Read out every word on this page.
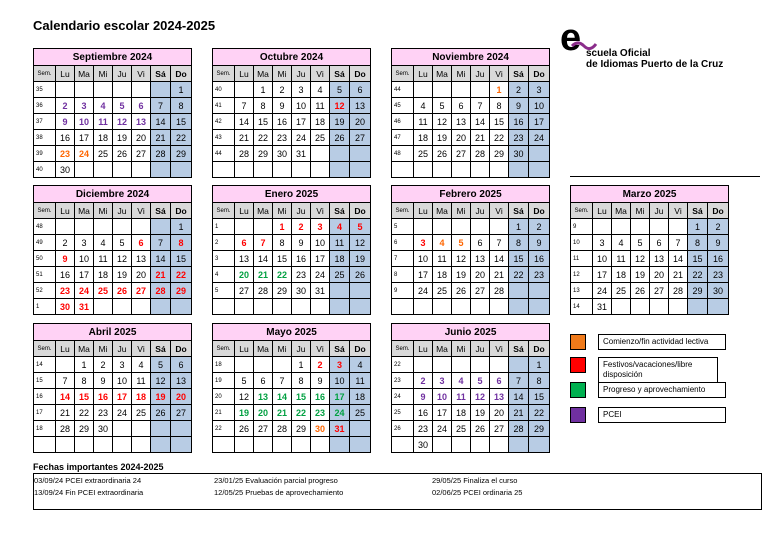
Calendario escolar 2024-2025	e scuela Oficial
de Idiomas Puerto de la Cruz
Septiembre 2024							
Sem.	Lu	Ma	Mi	Ju	Vi	Sá	Do
35							1
36	2	3	4	5	6	7	8
37	9	10	11	12	13	14	15
38	16	17	18	19	20	21	22
39	23	24	25	26	27	28	29
40	30						
Octubre 2024							
Sem.	Lu	Ma	Mi	Ju	Vi	Sá	Do
40		1	2	3	4	5	6
41	7	8	9	10	11	12	13
42	14	15	16	17	18	19	20
43	21	22	23	24	25	26	27
44	28	29	30	31			

Noviembre 2024							
Sem.	Lu	Ma	Mi	Ju	Vi	Sá	Do
44					1	2	3
45	4	5	6	7	8	9	10
46	11	12	13	14	15	16	17
47	18	19	20	21	22	23	24
48	25	26	27	28	29	30	

Diciembre 2024							
Sem.	Lu	Ma	Mi	Ju	Vi	Sá	Do
48							1
49	2	3	4	5	6	7	8
50	9	10	11	12	13	14	15
51	16	17	18	19	20	21	22
52	23	24	25	26	27	28	29
1	30	31					
Enero 2025							
Sem.	Lu	Ma	Mi	Ju	Vi	Sá	Do
1			1	2	3	4	5
2	6	7	8	9	10	11	12
3	13	14	15	16	17	18	19
4	20	21	22	23	24	25	26
5	27	28	29	30	31		

Febrero 2025							
Sem.	Lu	Ma	Mi	Ju	Vi	Sá	Do
5						1	2
6	3	4	5	6	7	8	9
7	10	11	12	13	14	15	16
8	17	18	19	20	21	22	23
9	24	25	26	27	28		

Marzo 2025							
Sem.	Lu	Ma	Mi	Ju	Vi	Sá	Do
9						1	2
10	3	4	5	6	7	8	9
11	10	11	12	13	14	15	16
12	17	18	19	20	21	22	23
13	24	25	26	27	28	29	30
14	31						
Abril 2025							
Sem.	Lu	Ma	Mi	Ju	Vi	Sá	Do
14		1	2	3	4	5	6
15	7	8	9	10	11	12	13
16	14	15	16	17	18	19	20
17	21	22	23	24	25	26	27
18	28	29	30				

Mayo 2025							
Sem.	Lu	Ma	Mi	Ju	Vi	Sá	Do
18				1	2	3	4
19	5	6	7	8	9	10	11
20	12	13	14	15	16	17	18
21	19	20	21	22	23	24	25
22	26	27	28	29	30	31	

Junio 2025							
Sem.	Lu	Ma	Mi	Ju	Vi	Sá	Do
22							1
23	2	3	4	5	6	7	8
24	9	10	11	12	13	14	15
25	16	17	18	19	20	21	22
26	23	24	25	26	27	28	29
	30						
Comienzo/fin actividad lectiva
Festivos/vacaciones/libre disposición
Progreso y aprovechamiento
PCEI
Fechas importantes 2024-2025
03/09/24 PCEI extraordinaria 24
13/09/24 Fin PCEI extraordinaria
23/01/25 Evaluación parcial progreso
12/05/25 Pruebas de aprovechamiento
29/05/25 Finaliza el curso
02/06/25 PCEI ordinaria 25
